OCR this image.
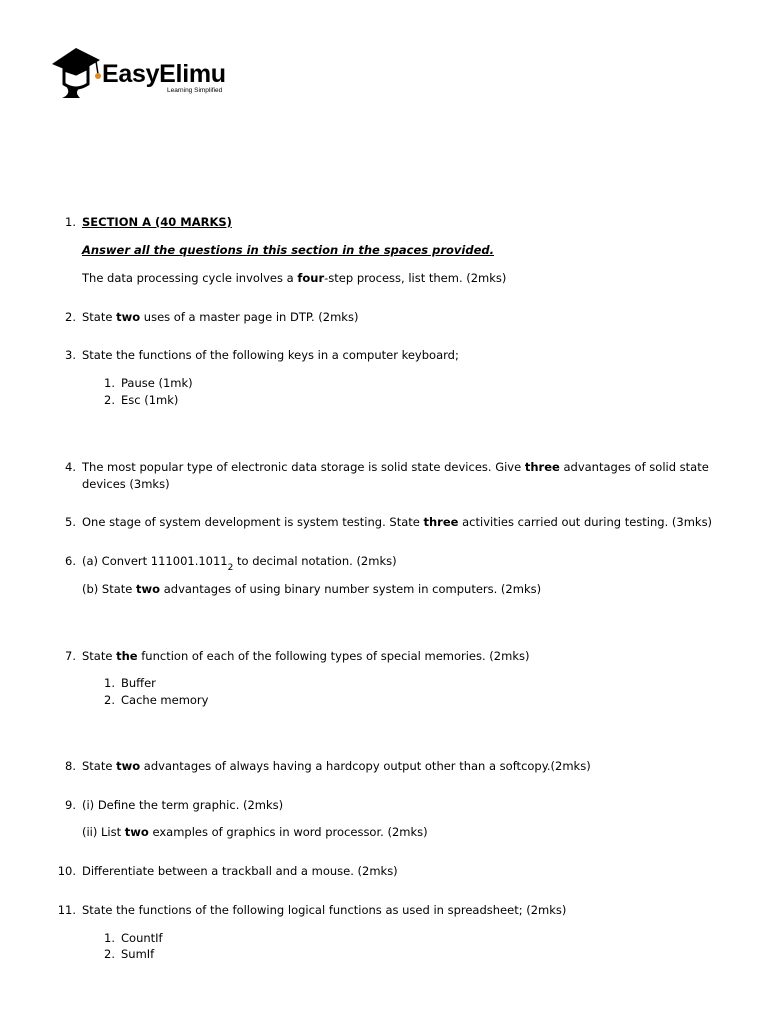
EasyElimu
Learning Simplified
1. SECTION A (40 MARKS)
Answer all the questions in this section in the spaces provided.
The data processing cycle involves a four-step process, list them. (2mks)
2. State two uses of a master page in DTP. (2mks)
3. State the functions of the following keys in a computer keyboard;
1. Pause (1mk)
2. Esc (1mk)
4. The most popular type of electronic data storage is solid state devices. Give three advantages of solid state devices (3mks)
5. One stage of system development is system testing. State three activities carried out during testing. (3mks)
6. (a) Convert $111001.1011_2$ to decimal notation. (2mks)
(b) State two advantages of using binary number system in computers. (2mks)
7. State the function of each of the following types of special memories. (2mks)
1. Buffer
2. Cache memory
8. State two advantages of always having a hardcopy output other than a softcopy.(2mks)
9. (i) Define the term graphic. (2mks)
(ii) List two examples of graphics in word processor. (2mks)
10. Differentiate between a trackball and a mouse. (2mks)
11. State the functions of the following logical functions as used in spreadsheet; (2mks)
1. CountIf
2. SumIf
